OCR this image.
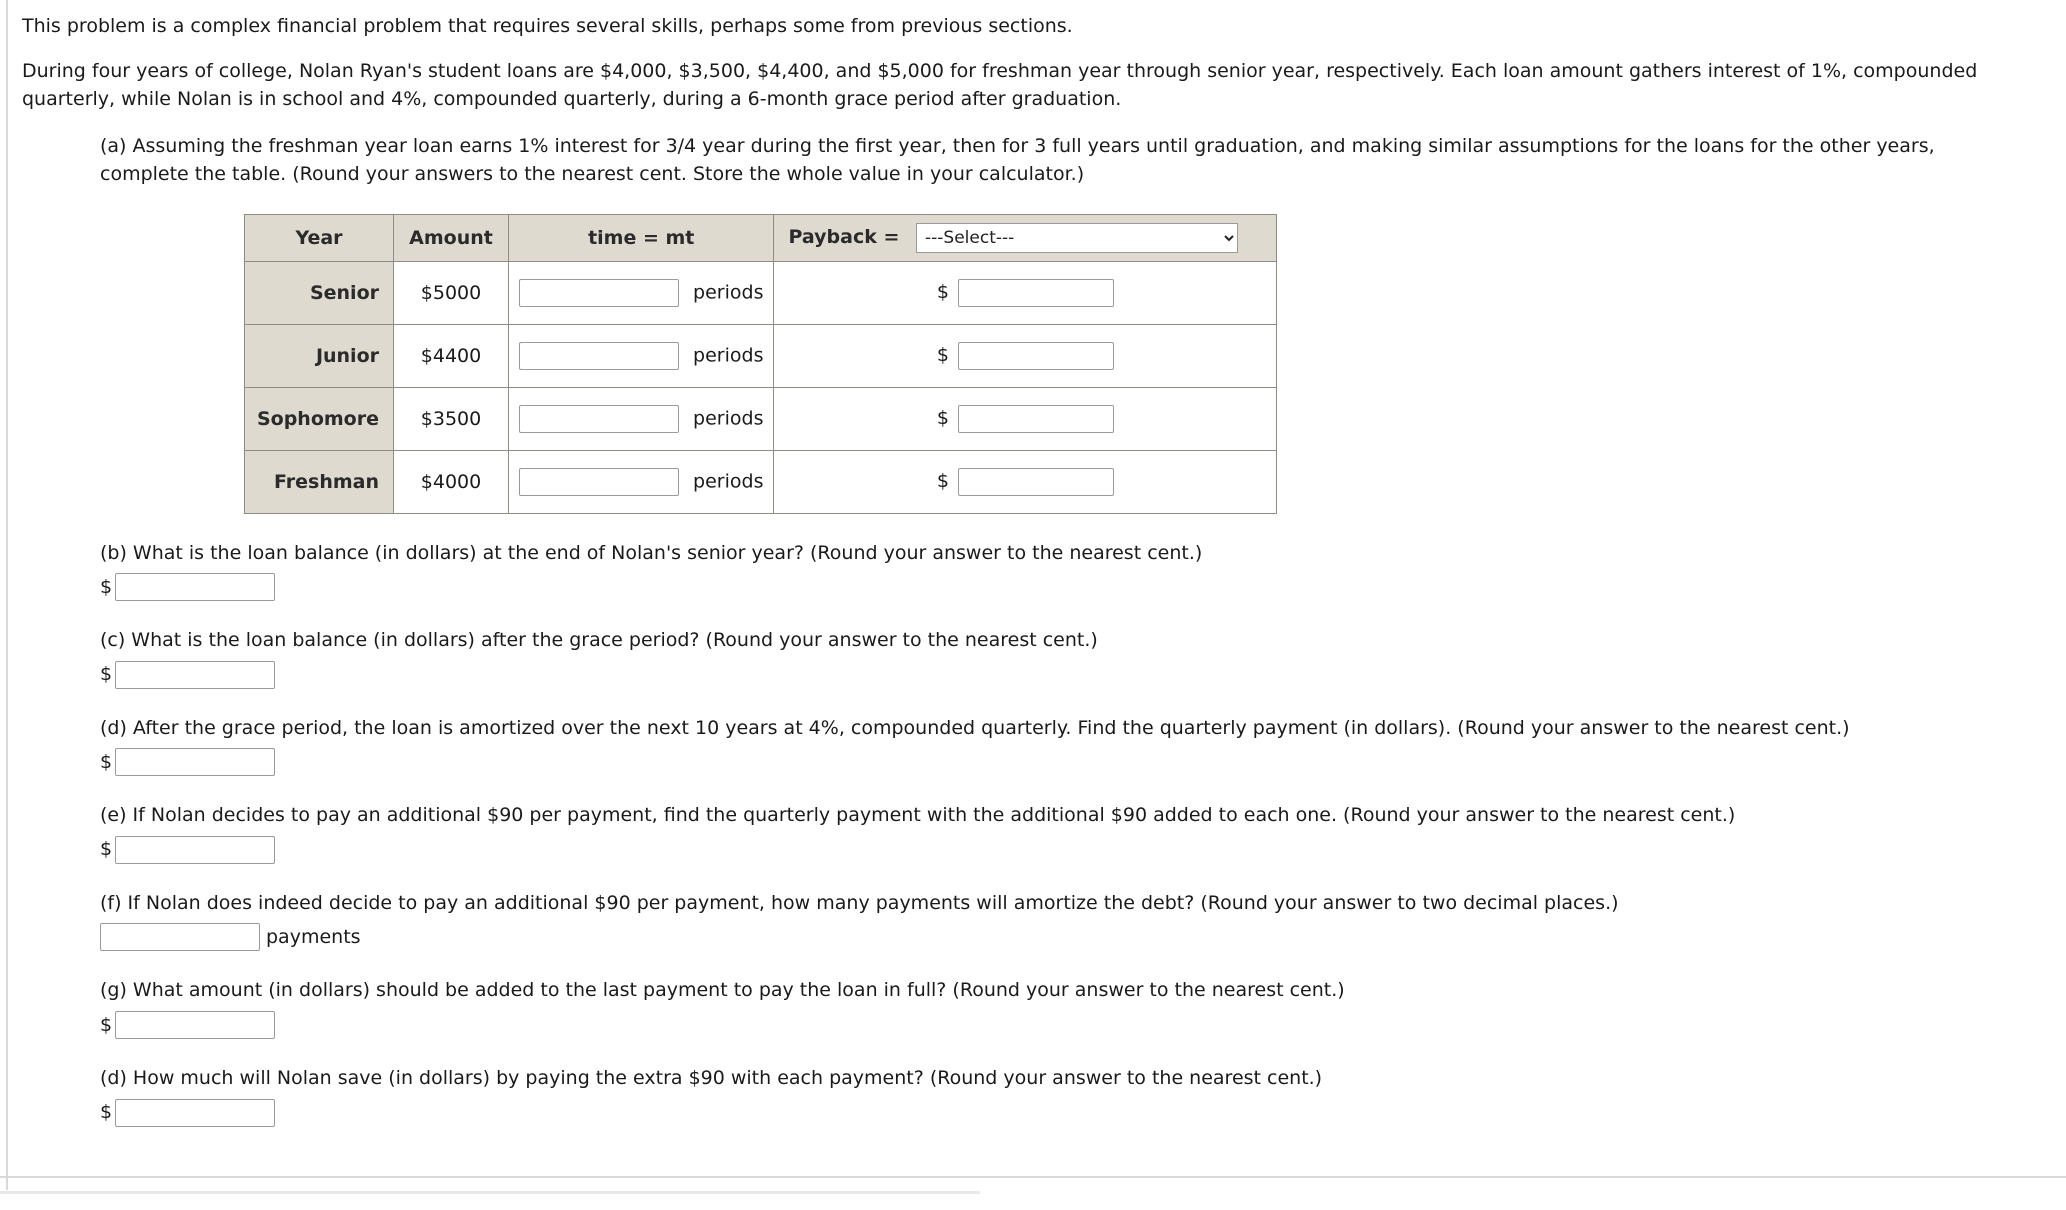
This problem is a complex financial problem that requires several skills, perhaps some from previous sections.

During four years of college, Nolan Ryan's student loans are $4,000, $3,500, $4,400, and $5,000 for freshman year through senior year, respectively. Each loan amount gathers interest of 1%, compounded quarterly, while Nolan is in school and 4%, compounded quarterly, during a 6-month grace period after graduation.

(a) Assuming the freshman year loan earns 1% interest for 3/4 year during the first year, then for 3 full years until graduation, and making similar assumptions for the loans for the other years, complete the table. (Round your answers to the nearest cent. Store the whole value in your calculator.)
Year	Amount	time = mt	Payback =
---Select---
Senior	$5000	periods	$
Junior	$4400	periods	$
Sophomore	$3500	periods	$
Freshman	$4000	periods	$
(b) What is the loan balance (in dollars) at the end of Nolan's senior year? (Round your answer to the nearest cent.)
$
(c) What is the loan balance (in dollars) after the grace period? (Round your answer to the nearest cent.)
$
(d) After the grace period, the loan is amortized over the next 10 years at 4%, compounded quarterly. Find the quarterly payment (in dollars). (Round your answer to the nearest cent.)
$
(e) If Nolan decides to pay an additional $90 per payment, find the quarterly payment with the additional $90 added to each one. (Round your answer to the nearest cent.)
$
(f) If Nolan does indeed decide to pay an additional $90 per payment, how many payments will amortize the debt? (Round your answer to two decimal places.)
payments
(g) What amount (in dollars) should be added to the last payment to pay the loan in full? (Round your answer to the nearest cent.)
$
(d) How much will Nolan save (in dollars) by paying the extra $90 with each payment? (Round your answer to the nearest cent.)
$
